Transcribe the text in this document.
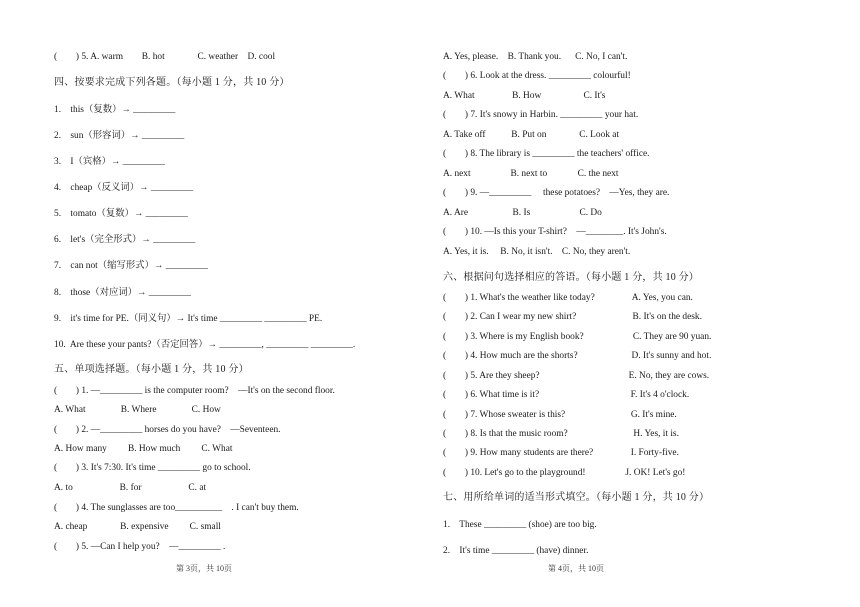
(        ) 5. A. warm        B. hot              C. weather    D. cool
四、按要求完成下列各题。（每小题 1 分，共 10 分）
1.    this（复数）→ _________
2.    sun（形容词）→ _________
3.    I（宾格）→ _________
4.    cheap（反义词）→ _________
5.    tomato（复数）→ _________
6.    let's（完全形式）→ _________
7.    can not（缩写形式）→ _________
8.    those（对应词）→ _________
9.    it's time for PE.（同义句）→ It's time _________ _________ PE.
10.  Are these your pants?（否定回答）→ _________, _________ _________.
五、单项选择题。（每小题 1 分，共 10 分）
(        ) 1. —_________ is the computer room?    —It's on the second floor.
A. What               B. Where               C. How
(        ) 2. —_________ horses do you have?    —Seventeen.
A. How many         B. How much         C. What
(        ) 3. It's 7:30. It's time _________ go to school.
A. to                    B. for                    C. at
(        ) 4. The sunglasses are too__________    . I can't buy them.
A. cheap              B. expensive         C. small
(        ) 5. —Can I help you?    —_________ .
第 3页，共 10页
A. Yes, please.    B. Thank you.      C. No, I can't.
(        ) 6. Look at the dress. _________ colourful!
A. What                B. How                  C. It's
(        ) 7. It's snowy in Harbin. _________ your hat.
A. Take off           B. Put on              C. Look at
(        ) 8. The library is _________ the teachers' office.
A. next                 B. next to             C. the next
(        ) 9. —_________     these potatoes?    —Yes, they are.
A. Are                   B. Is                     C. Do
(        ) 10. —Is this your T-shirt?    —________. It's John's.
A. Yes, it is.     B. No, it isn't.    C. No, they aren't.
六、根据问句选择相应的答语。（每小题 1 分，共 10 分）
(        ) 1. What's the weather like today?                A. Yes, you can.
(        ) 2. Can I wear my new shirt?                        B. It's on the desk.
(        ) 3. Where is my English book?                     C. They are 90 yuan.
(        ) 4. How much are the shorts?                       D. It's sunny and hot.
(        ) 5. Are they sheep?                                      E. No, they are cows.
(        ) 6. What time is it?                                       F. It's 4 o'clock.
(        ) 7. Whose sweater is this?                            G. It's mine.
(        ) 8. Is that the music room?                            H. Yes, it is.
(        ) 9. How many students are there?                I. Forty-five.
(        ) 10. Let's go to the playground!                 J. OK! Let's go!
七、用所给单词的适当形式填空。（每小题 1 分，共 10 分）
1.    These _________ (shoe) are too big.
2.    It's time _________ (have) dinner.
第 4页，共 10页
